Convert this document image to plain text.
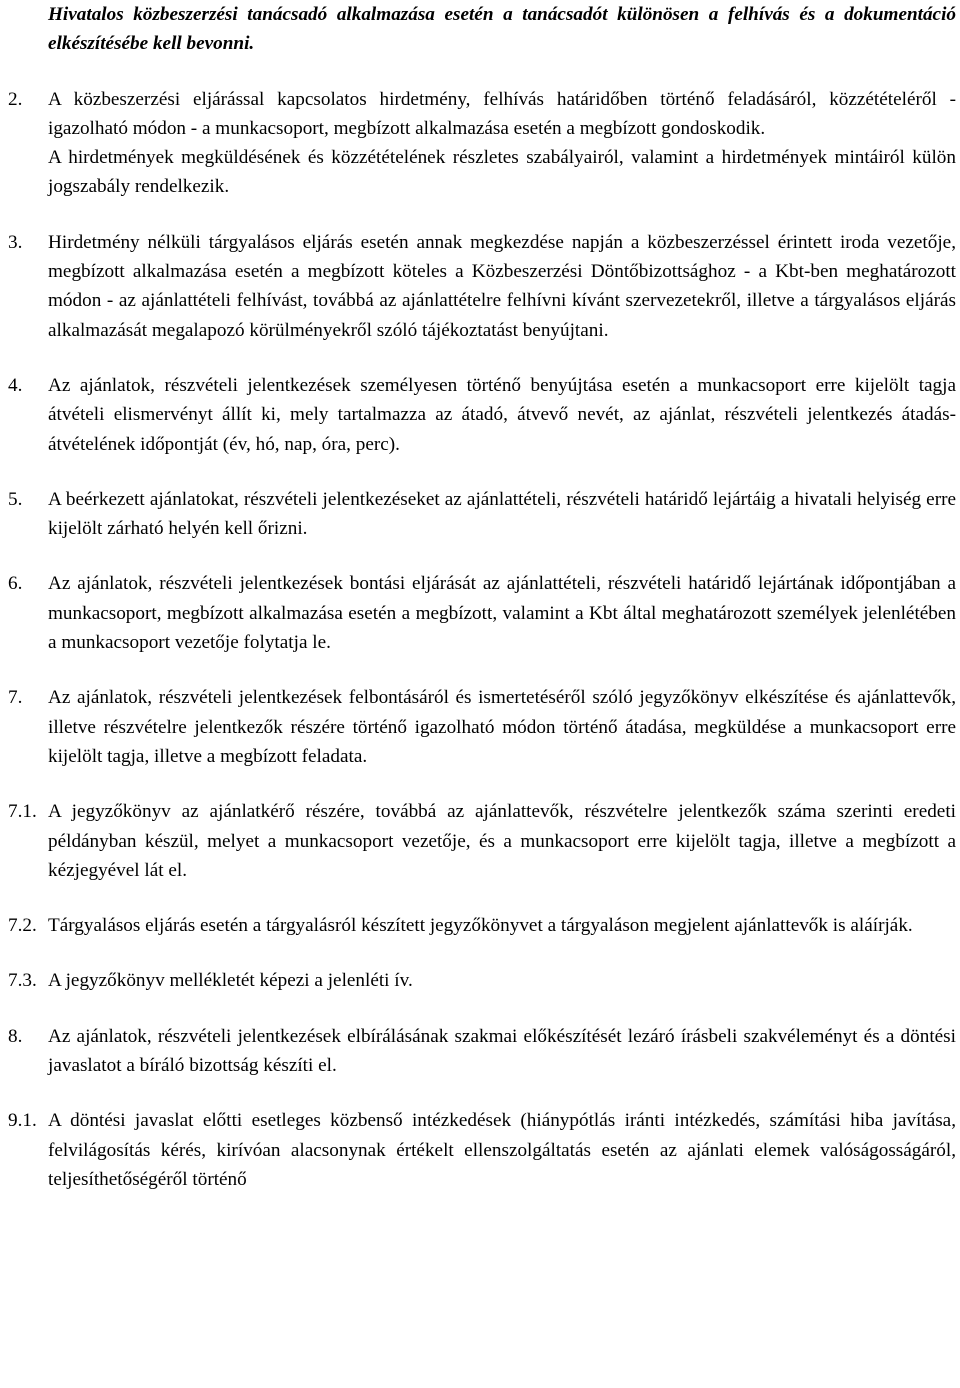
Hivatalos közbeszerzési tanácsadó alkalmazása esetén a tanácsadót különösen a felhívás és a dokumentáció elkészítésébe kell bevonni.

2. A közbeszerzési eljárással kapcsolatos hirdetmény, felhívás határidőben történő feladásáról, közzétételéről - igazolható módon - a munkacsoport, megbízott alkalmazása esetén a megbízott gondoskodik.

A hirdetmények megküldésének és közzétételének részletes szabályairól, valamint a hirdetmények mintáiról külön jogszabály rendelkezik.

3. Hirdetmény nélküli tárgyalásos eljárás esetén annak megkezdése napján a közbeszerzéssel érintett iroda vezetője, megbízott alkalmazása esetén a megbízott köteles a Közbeszerzési Döntőbizottsághoz - a Kbt-ben meghatározott módon - az ajánlattételi felhívást, továbbá az ajánlattételre felhívni kívánt szervezetekről, illetve a tárgyalásos eljárás alkalmazását megalapozó körülményekről szóló tájékoztatást benyújtani.

4. Az ajánlatok, részvételi jelentkezések személyesen történő benyújtása esetén a munkacsoport erre kijelölt tagja átvételi elismervényt állít ki, mely tartalmazza az átadó, átvevő nevét, az ajánlat, részvételi jelentkezés átadás-átvételének időpontját (év, hó, nap, óra, perc).

5. A beérkezett ajánlatokat, részvételi jelentkezéseket az ajánlattételi, részvételi határidő lejártáig a hivatali helyiség erre kijelölt zárható helyén kell őrizni.

6. Az ajánlatok, részvételi jelentkezések bontási eljárását az ajánlattételi, részvételi határidő lejártának időpontjában a munkacsoport, megbízott alkalmazása esetén a megbízott, valamint a Kbt által meghatározott személyek jelenlétében a munkacsoport vezetője folytatja le.

7. Az ajánlatok, részvételi jelentkezések felbontásáról és ismertetéséről szóló jegyzőkönyv elkészítése és ajánlattevők, illetve részvételre jelentkezők részére történő igazolható módon történő átadása, megküldése a munkacsoport erre kijelölt tagja, illetve a megbízott feladata.

7.1. A jegyzőkönyv az ajánlatkérő részére, továbbá az ajánlattevők, részvételre jelentkezők száma szerinti eredeti példányban készül, melyet a munkacsoport vezetője, és a munkacsoport erre kijelölt tagja, illetve a megbízott a kézjegyével lát el.

7.2. Tárgyalásos eljárás esetén a tárgyalásról készített jegyzőkönyvet a tárgyaláson megjelent ajánlattevők is aláírják.

7.3. A jegyzőkönyv mellékletét képezi a jelenléti ív.

8. Az ajánlatok, részvételi jelentkezések elbírálásának szakmai előkészítését lezáró írásbeli szakvéleményt és a döntési javaslatot a bíráló bizottság készíti el.

9.1. A döntési javaslat előtti esetleges közbenső intézkedések (hiánypótlás iránti intézkedés, számítási hiba javítása, felvilágosítás kérés, kirívóan alacsonynak értékelt ellenszolgáltatás esetén az ajánlati elemek valóságosságáról, teljesíthetőségéről történő
